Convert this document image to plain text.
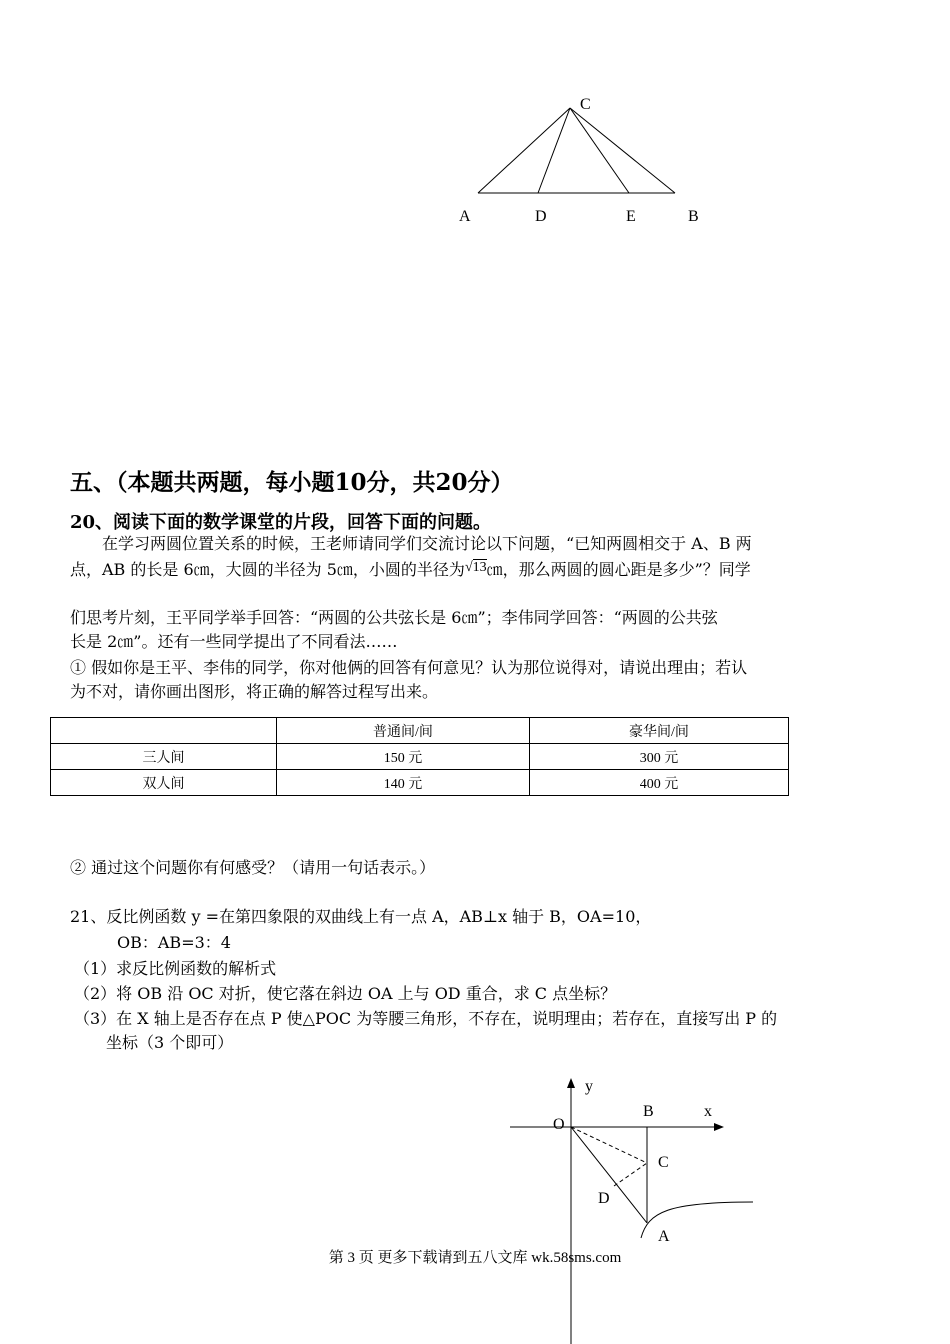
C
A	D	E	B
五、（本题共两题，每小题10分，共20分）
20、阅读下面的数学课堂的片段，回答下面的问题。
在学习两圆位置关系的时候，王老师请同学们交流讨论以下问题，“已知两圆相交于 A、B 两
点，AB 的长是 6㎝，大圆的半径为 5㎝，小圆的半径为√13㎝，那么两圆的圆心距是多少”？同学
们思考片刻，王平同学举手回答：“两圆的公共弦长是 6㎝”；李伟同学回答：“两圆的公共弦
长是 2㎝”。还有一些同学提出了不同看法……
① 假如你是王平、李伟的同学，你对他俩的回答有何意见？认为那位说得对，请说出理由；若认
为不对，请你画出图形，将正确的解答过程写出来。
	普通间/间	豪华间/间
三人间	150 元	300 元
双人间	140 元	400 元
② 通过这个问题你有何感受？（请用一句话表示。）
21、反比例函数 y =在第四象限的双曲线上有一点 A，AB⊥x 轴于 B，OA=10，
OB：AB=3：4
（1）求反比例函数的解析式
（2）将 OB 沿 OC 对折，使它落在斜边 OA 上与 OD 重合，求 C 点坐标？
（3）在 X 轴上是否存在点 P 使△POC 为等腰三角形，不存在，说明理由；若存在，直接写出 P 的
坐标（3 个即可）
y
x
O
B
C
D
A
第 3 页 更多下载请到五八文库 wk.58sms.com
